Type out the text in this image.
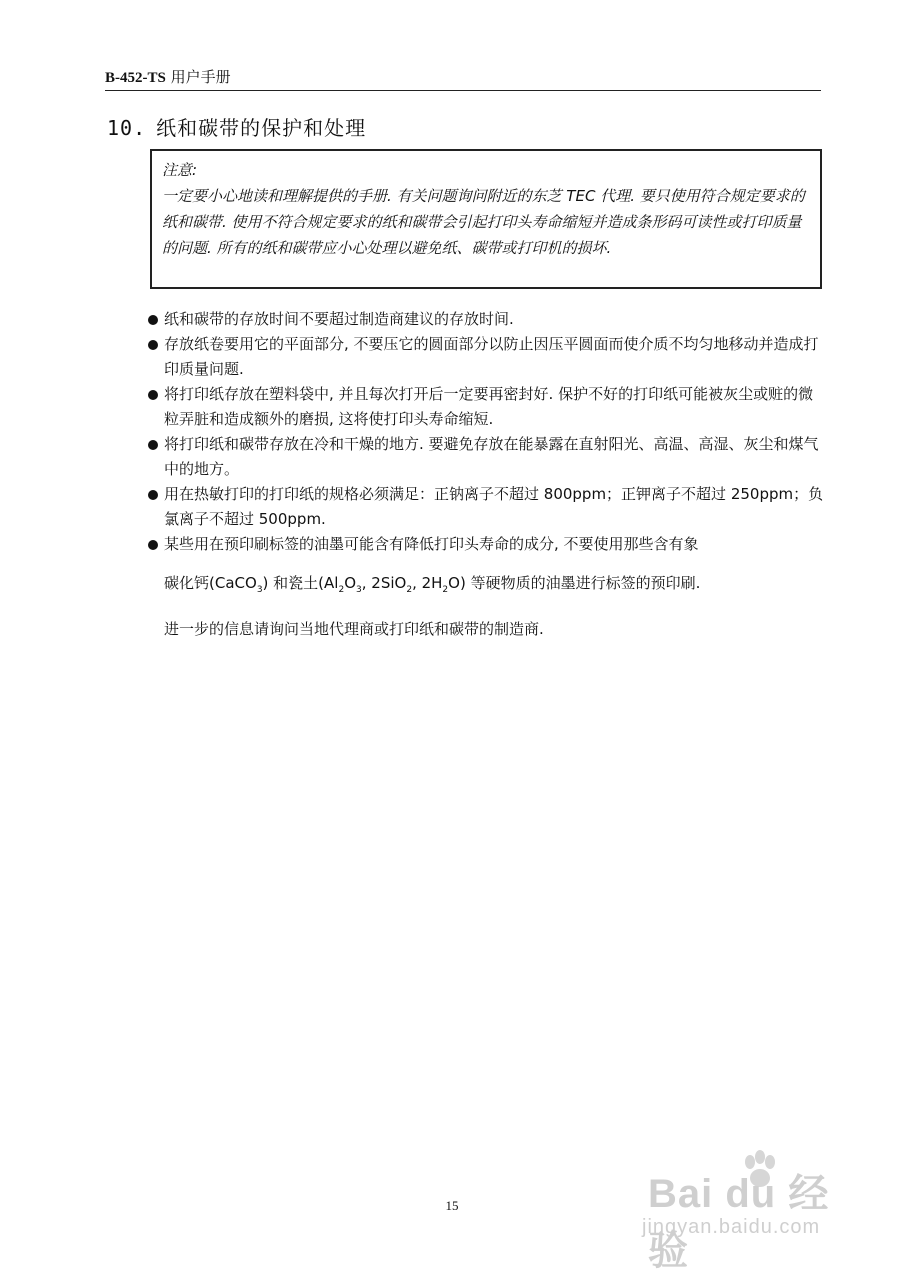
B-452-TS 用户手册
10. 纸和碳带的保护和处理
注意:
一定要小心地读和理解提供的手册. 有关问题询问附近的东芝 TEC 代理. 要只使用符合规定要求的纸和碳带. 使用不符合规定要求的纸和碳带会引起打印头寿命缩短并造成条形码可读性或打印质量的问题. 所有的纸和碳带应小心处理以避免纸、碳带或打印机的损坏.
纸和碳带的存放时间不要超过制造商建议的存放时间.
存放纸卷要用它的平面部分, 不要压它的圆面部分以防止因压平圆面而使介质不均匀地移动并造成打印质量问题.
将打印纸存放在塑料袋中, 并且每次打开后一定要再密封好. 保护不好的打印纸可能被灰尘或赃的微粒弄脏和造成额外的磨损, 这将使打印头寿命缩短.
将打印纸和碳带存放在冷和干燥的地方. 要避免存放在能暴露在直射阳光、高温、高湿、灰尘和煤气中的地方。
用在热敏打印的打印纸的规格必须满足：正钠离子不超过 800ppm；正钾离子不超过 250ppm；负氯离子不超过 500ppm.
某些用在预印刷标签的油墨可能含有降低打印头寿命的成分, 不要使用那些含有象
碳化钙(CaCO$_3$) 和瓷土($Al_2O_3$, 2SiO$_2$, $2H_2O$) 等硬物质的油墨进行标签的预印刷.
进一步的信息请询问当地代理商或打印纸和碳带的制造商.
15	Bai du 经验
jingyan.baidu.com
